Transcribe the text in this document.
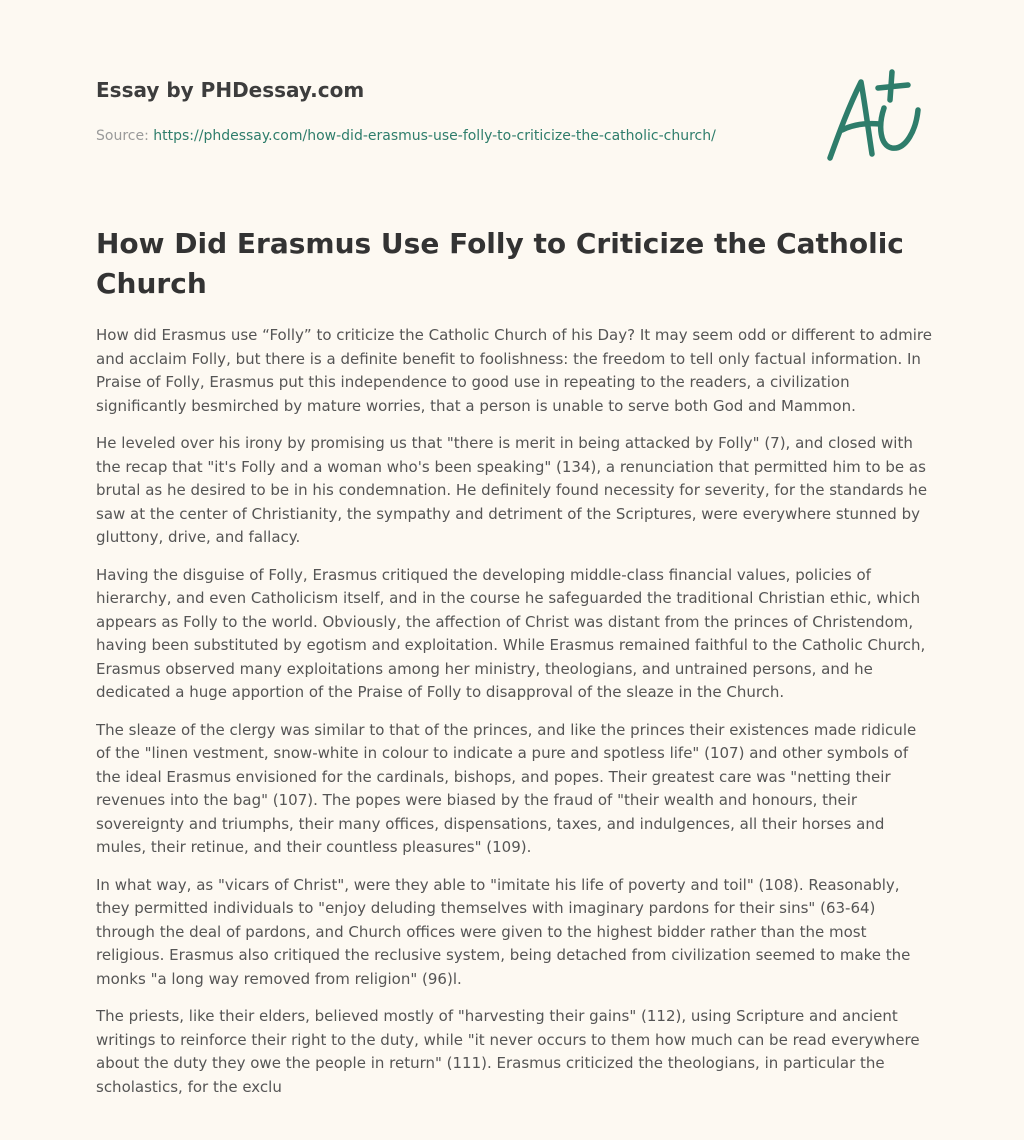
Essay by PHDessay.com
Source: https://phdessay.com/how-did-erasmus-use-folly-to-criticize-the-catholic-church/
How Did Erasmus Use Folly to Criticize the Catholic Church

How did Erasmus use “Folly” to criticize the Catholic Church of his Day? It may seem odd or different to admire and acclaim Folly, but there is a definite benefit to foolishness: the freedom to tell only factual information. In Praise of Folly, Erasmus put this independence to good use in repeating to the readers, a civilization significantly besmirched by mature worries, that a person is unable to serve both God and Mammon.

He leveled over his irony by promising us that "there is merit in being attacked by Folly" (7), and closed with the recap that "it's Folly and a woman who's been speaking" (134), a renunciation that permitted him to be as brutal as he desired to be in his condemnation. He definitely found necessity for severity, for the standards he saw at the center of Christianity, the sympathy and detriment of the Scriptures, were everywhere stunned by gluttony, drive, and fallacy.

Having the disguise of Folly, Erasmus critiqued the developing middle-class financial values, policies of hierarchy, and even Catholicism itself, and in the course he safeguarded the traditional Christian ethic, which appears as Folly to the world. Obviously, the affection of Christ was distant from the princes of Christendom, having been substituted by egotism and exploitation. While Erasmus remained faithful to the Catholic Church, Erasmus observed many exploitations among her ministry, theologians, and untrained persons, and he dedicated a huge apportion of the Praise of Folly to disapproval of the sleaze in the Church.

The sleaze of the clergy was similar to that of the princes, and like the princes their existences made ridicule of the "linen vestment, snow-white in colour to indicate a pure and spotless life" (107) and other symbols of the ideal Erasmus envisioned for the cardinals, bishops, and popes. Their greatest care was "netting their revenues into the bag" (107). The popes were biased by the fraud of "their wealth and honours, their sovereignty and triumphs, their many offices, dispensations, taxes, and indulgences, all their horses and mules, their retinue, and their countless pleasures" (109).

In what way, as "vicars of Christ", were they able to "imitate his life of poverty and toil" (108). Reasonably, they permitted individuals to "enjoy deluding themselves with imaginary pardons for their sins" (63-64) through the deal of pardons, and Church offices were given to the highest bidder rather than the most religious. Erasmus also critiqued the reclusive system, being detached from civilization seemed to make the monks "a long way removed from religion" (96)l.

The priests, like their elders, believed mostly of "harvesting their gains" (112), using Scripture and ancient writings to reinforce their right to the duty, while "it never occurs to them how much can be read everywhere about the duty they owe the people in return" (111). Erasmus criticized the theologians, in particular the scholastics, for the exclu
